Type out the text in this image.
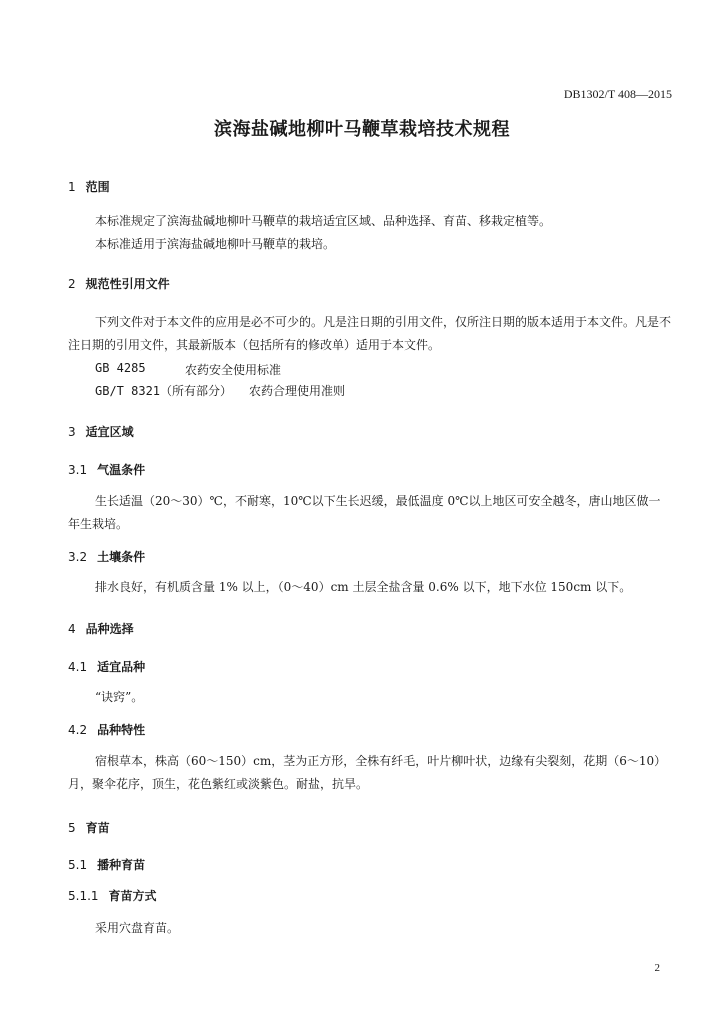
DB1302/T 408—2015
滨海盐碱地柳叶马鞭草栽培技术规程
1 范围
本标准规定了滨海盐碱地柳叶马鞭草的栽培适宜区域、品种选择、育苗、移栽定植等。
本标准适用于滨海盐碱地柳叶马鞭草的栽培。
2 规范性引用文件
下列文件对于本文件的应用是必不可少的。凡是注日期的引用文件，仅所注日期的版本适用于本文件。凡是不注日期的引用文件，其最新版本（包括所有的修改单）适用于本文件。
GB 4285	农药安全使用标准
GB/T 8321（所有部分） 农药合理使用准则
3 适宜区域
3.1 气温条件
生长适温（20～30）℃，不耐寒，10℃以下生长迟缓，最低温度 0℃以上地区可安全越冬，唐山地区做一年生栽培。
3.2 土壤条件
排水良好，有机质含量 1% 以上，（0～40）cm 土层全盐含量 0.6% 以下，地下水位 150cm 以下。
4 品种选择
4.1 适宜品种
“诀窍”。
4.2 品种特性
宿根草本，株高（60～150）cm，茎为正方形，全株有纤毛，叶片柳叶状，边缘有尖裂刻，花期（6～10）月，聚伞花序，顶生，花色紫红或淡紫色。耐盐，抗旱。
5 育苗
5.1 播种育苗
5.1.1 育苗方式
采用穴盘育苗。
2
